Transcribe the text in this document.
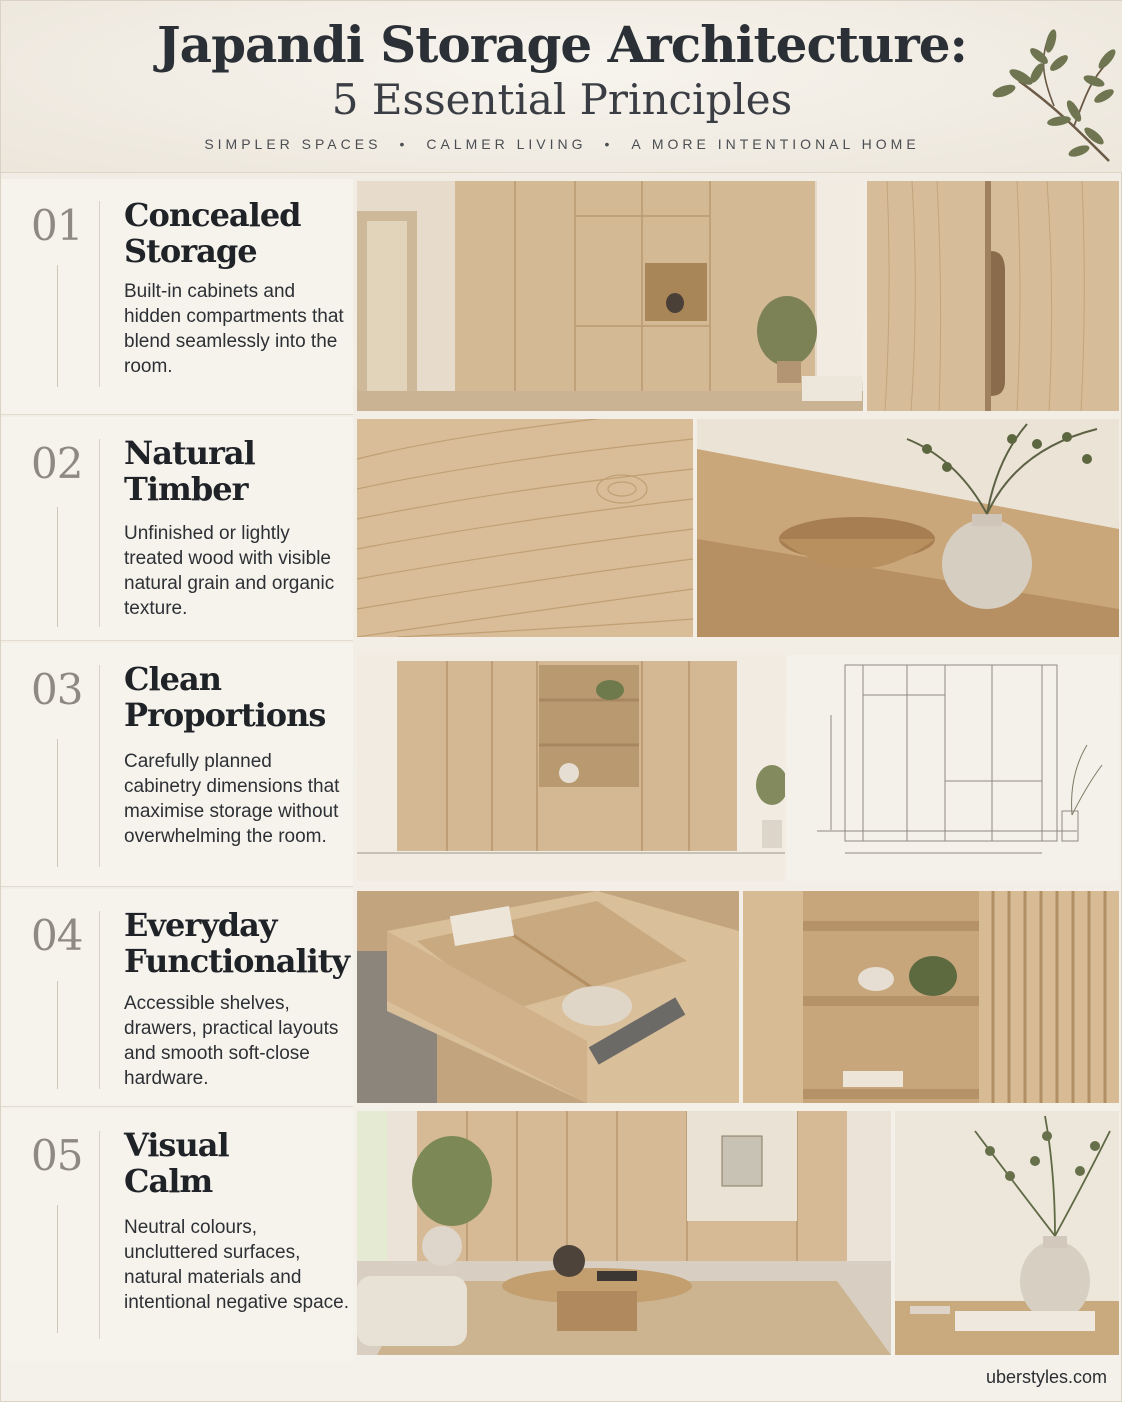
Japandi Storage Architecture:
5 Essential Principles
SIMPLER SPACES • CALMER LIVING • A MORE INTENTIONAL HOME
01 Concealed
Storage
Built-in cabinets and hidden compartments that blend seamlessly into the room.
02 Natural
Timber
Unfinished or lightly treated wood with visible natural grain and organic texture.
03 Clean
Proportions
Carefully planned cabinetry dimensions that maximise storage without overwhelming the room.
04 Everyday
Functionality
Accessible shelves, drawers, practical layouts and smooth soft-close hardware.
05 Visual
Calm
Neutral colours, uncluttered surfaces, natural materials and intentional negative space.
uberstyles.com
